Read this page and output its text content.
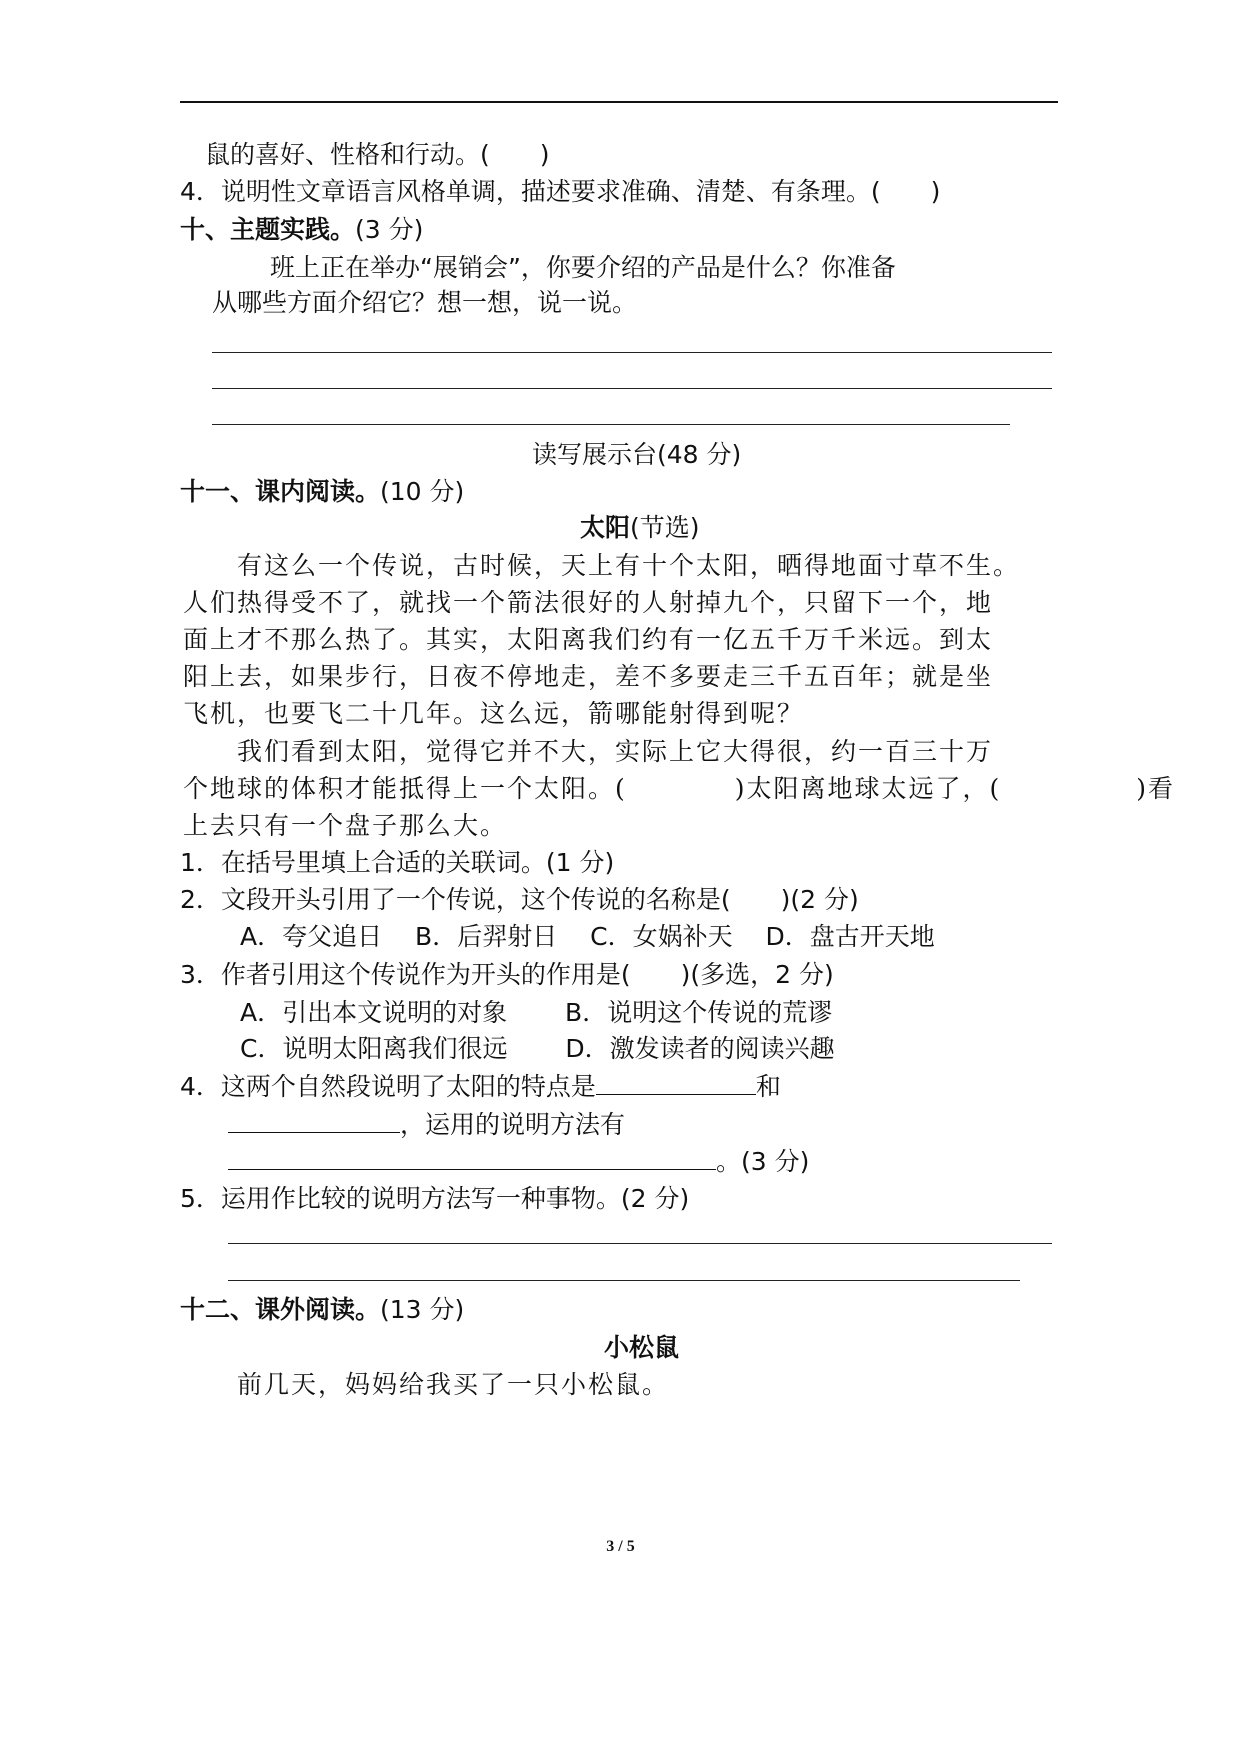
鼠的喜好、性格和行动。(　　)
4．说明性文章语言风格单调，描述要求准确、清楚、有条理。(　　)
十、主题实践。(3 分)
班上正在举办“展销会”，你要介绍的产品是什么？你准备
从哪些方面介绍它？想一想，说一说。
读写展示台(48 分)
十一、课内阅读。(10 分)
太阳(节选)
　　有这么一个传说，古时候，天上有十个太阳，晒得地面寸草不生。
人们热得受不了，就找一个箭法很好的人射掉九个，只留下一个，地
面上才不那么热了。其实，太阳离我们约有一亿五千万千米远。到太
阳上去，如果步行，日夜不停地走，差不多要走三千五百年；就是坐
飞机，也要飞二十几年。这么远，箭哪能射得到呢？
　　我们看到太阳，觉得它并不大，实际上它大得很，约一百三十万
个地球的体积才能抵得上一个太阳。(　　　　)太阳离地球太远了，(　　　　　)看
上去只有一个盘子那么大。
1．在括号里填上合适的关联词。(1 分)
2．文段开头引用了一个传说，这个传说的名称是(　　)(2 分)
A．夸父追日　 B．后羿射日　 C．女娲补天　 D．盘古开天地
3．作者引用这个传说作为开头的作用是(　　)(多选，2 分)
A．引出本文说明的对象　　 B．说明这个传说的荒谬
C．说明太阳离我们很远　　 D．激发读者的阅读兴趣
4．这两个自然段说明了太阳的特点是	和
，运用的说明方法有
。(3 分)
5．运用作比较的说明方法写一种事物。(2 分)
十二、课外阅读。(13 分)
小松鼠
　　前几天，妈妈给我买了一只小松鼠。
3 / 5
